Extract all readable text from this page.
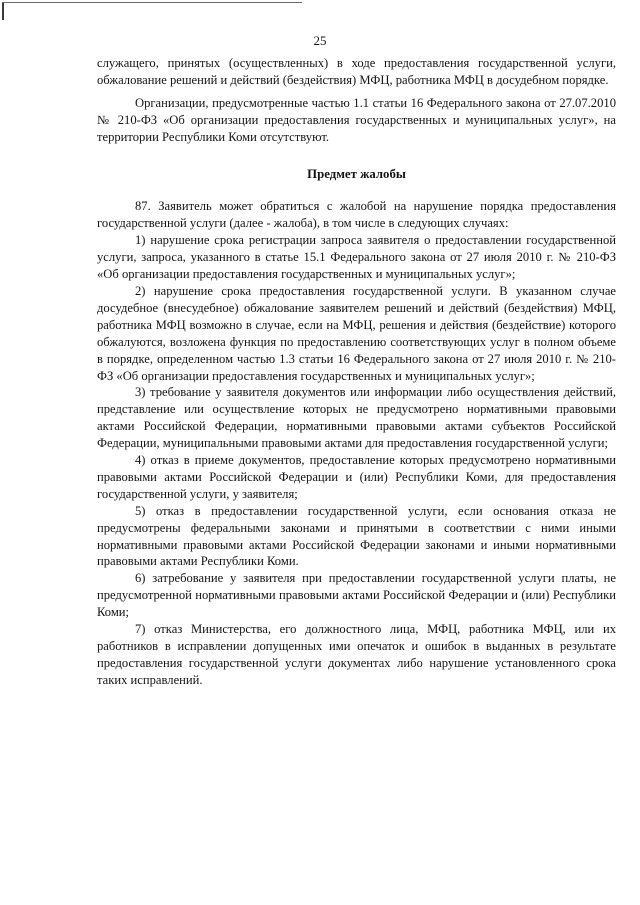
25

служащего, принятых (осуществленных) в ходе предоставления государственной услуги, обжалование решений и действий (бездействия) МФЦ, работника МФЦ в досудебном порядке.

Организации, предусмотренные частью 1.1 статьи 16 Федерального закона от 27.07.2010 № 210-ФЗ «Об организации предоставления государственных и муниципальных услуг», на территории Республики Коми отсутствуют.

Предмет жалобы

87. Заявитель может обратиться с жалобой на нарушение порядка предоставления государственной услуги (далее - жалоба), в том числе в следующих случаях:

1) нарушение срока регистрации запроса заявителя о предоставлении государственной услуги, запроса, указанного в статье 15.1 Федерального закона от 27 июля 2010 г. № 210-ФЗ «Об организации предоставления государственных и муниципальных услуг»;

2) нарушение срока предоставления государственной услуги. В указанном случае досудебное (внесудебное) обжалование заявителем решений и действий (бездействия) МФЦ, работника МФЦ возможно в случае, если на МФЦ, решения и действия (бездействие) которого обжалуются, возложена функция по предоставлению соответствующих услуг в полном объеме в порядке, определенном частью 1.3 статьи 16 Федерального закона от 27 июля 2010 г. № 210-ФЗ «Об организации предоставления государственных и муниципальных услуг»;

3) требование у заявителя документов или информации либо осуществления действий, представление или осуществление которых не предусмотрено нормативными правовыми актами Российской Федерации, нормативными правовыми актами субъектов Российской Федерации, муниципальными правовыми актами для предоставления государственной услуги;

4) отказ в приеме документов, предоставление которых предусмотрено нормативными правовыми актами Российской Федерации и (или) Республики Коми, для предоставления государственной услуги, у заявителя;

5) отказ в предоставлении государственной услуги, если основания отказа не предусмотрены федеральными законами и принятыми в соответствии с ними иными нормативными правовыми актами Российской Федерации законами и иными нормативными правовыми актами Республики Коми.

6) затребование у заявителя при предоставлении государственной услуги платы, не предусмотренной нормативными правовыми актами Российской Федерации и (или) Республики Коми;

7) отказ Министерства, его должностного лица, МФЦ, работника МФЦ, или их работников в исправлении допущенных ими опечаток и ошибок в выданных в результате предоставления государственной услуги документах либо нарушение установленного срока таких исправлений.
